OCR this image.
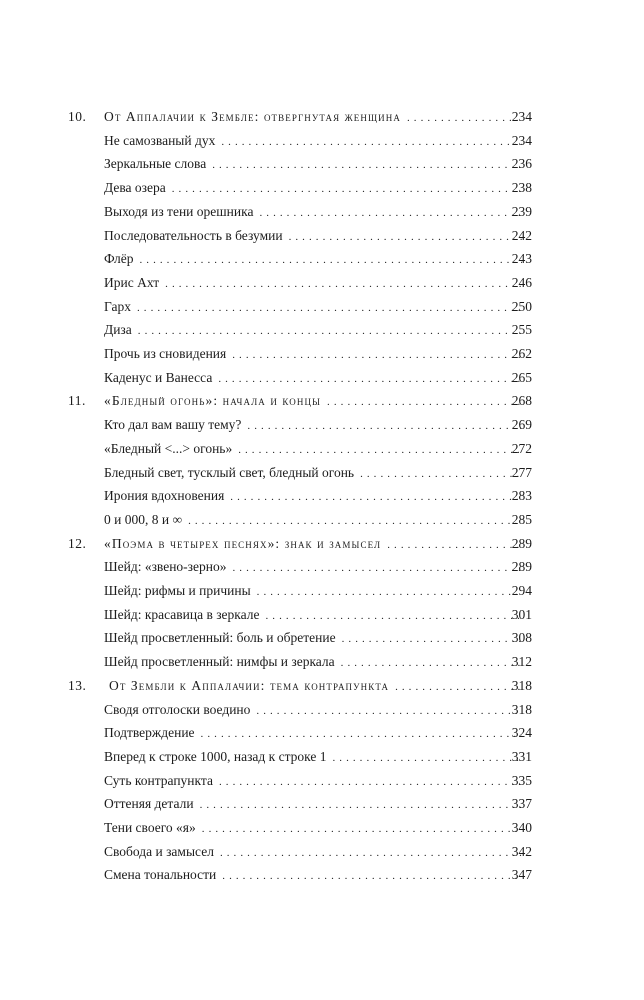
10. От Аппалачии к Зембле: отвергнутая женщина . . .	234
Не самозваный дух . . .	234
Зеркальные слова . . .	236
Дева озера . . .	238
Выходя из тени орешника . . .	239
Последовательность в безумии . . .	242
Флёр . . .	243
Ирис Ахт . . .	246
Гарх . . .	250
Диза . . .	255
Прочь из сновидения . . .	262
Каденус и Ванесса . . .	265
11. «Бледный огонь»: начала и концы . . .	268
Кто дал вам вашу тему? . . .	269
«Бледный <...> огонь» . . .	272
Бледный свет, тусклый свет, бледный огонь . . .	277
Ирония вдохновения . . .	283
0 и 000, 8 и ∞ . . .	285
12. «Поэма в четырех песнях»: знак и замысел . . .	289
Шейд: «звено-зерно» . . .	289
Шейд: рифмы и причины . . .	294
Шейд: красавица в зеркале . . .	301
Шейд просветленный: боль и обретение . . .	308
Шейд просветленный: нимфы и зеркала . . .	312
13. От Зембли к Аппалачии: тема контрапункта . . .	318
Сводя отголоски воедино . . .	318
Подтверждение . . .	324
Вперед к строке 1000, назад к строке 1 . . .	331
Суть контрапункта . . .	335
Оттеняя детали . . .	337
Тени своего «я» . . .	340
Свобода и замысел . . .	342
Смена тональности . . .	347
